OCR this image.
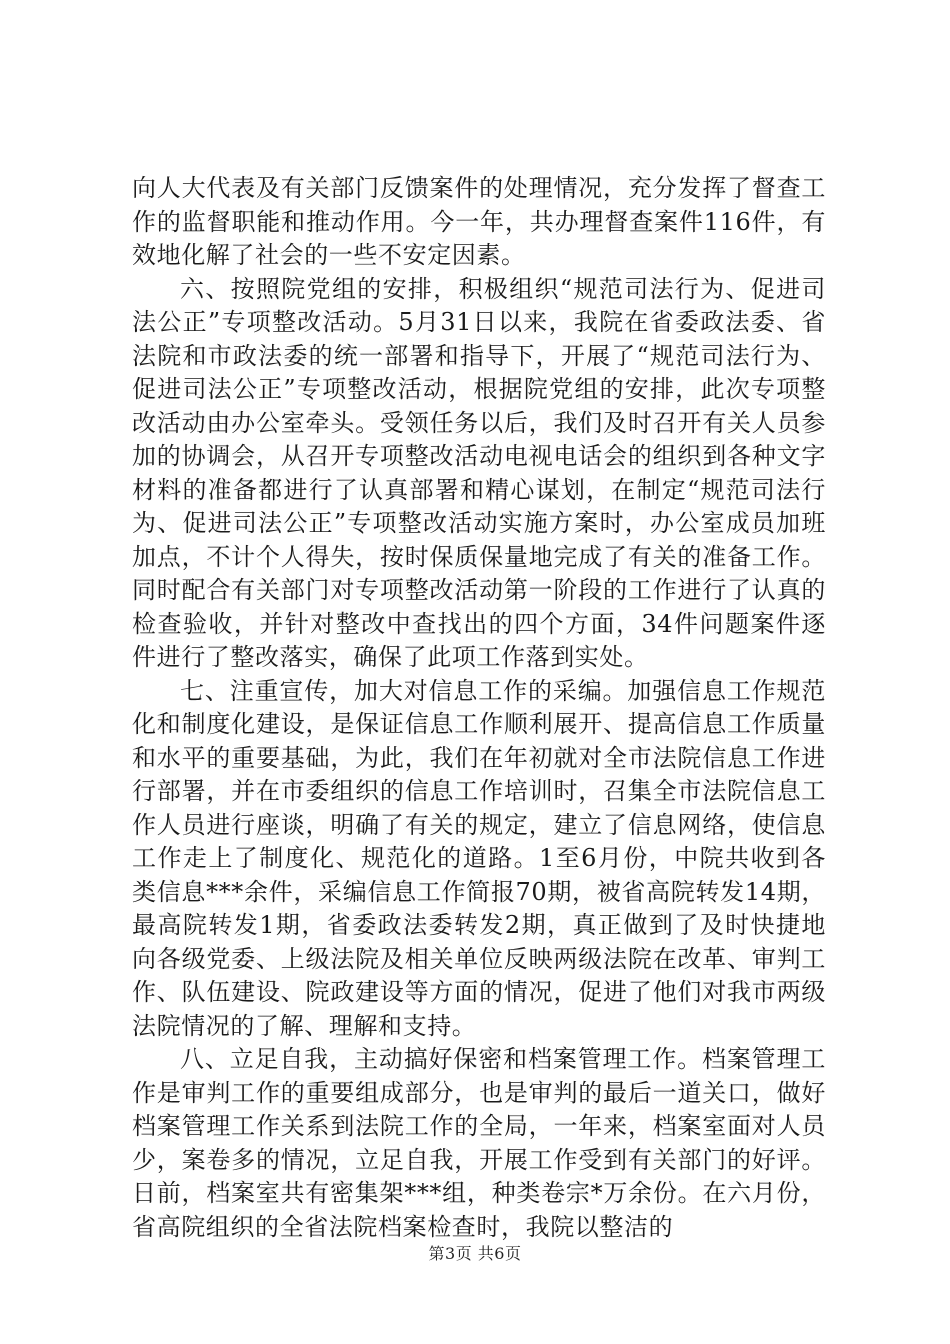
向人大代表及有关部门反馈案件的处理情况，充分发挥了督查工作的监督职能和推动作用。今一年，共办理督查案件116件，有效地化解了社会的一些不安定因素。

六、按照院党组的安排，积极组织“规范司法行为、促进司法公正”专项整改活动。5月31日以来，我院在省委政法委、省法院和市政法委的统一部署和指导下，开展了“规范司法行为、促进司法公正”专项整改活动，根据院党组的安排，此次专项整改活动由办公室牵头。受领任务以后，我们及时召开有关人员参加的协调会，从召开专项整改活动电视电话会的组织到各种文字材料的准备都进行了认真部署和精心谋划，在制定“规范司法行为、促进司法公正”专项整改活动实施方案时，办公室成员加班加点，不计个人得失，按时保质保量地完成了有关的准备工作。同时配合有关部门对专项整改活动第一阶段的工作进行了认真的检查验收，并针对整改中查找出的四个方面，34件问题案件逐件进行了整改落实，确保了此项工作落到实处。

七、注重宣传，加大对信息工作的采编。加强信息工作规范化和制度化建设，是保证信息工作顺利展开、提高信息工作质量和水平的重要基础，为此，我们在年初就对全市法院信息工作进行部署，并在市委组织的信息工作培训时，召集全市法院信息工作人员进行座谈，明确了有关的规定，建立了信息网络，使信息工作走上了制度化、规范化的道路。1至6月份，中院共收到各类信息***余件，采编信息工作简报70期，被省高院转发14期，最高院转发1期，省委政法委转发2期，真正做到了及时快捷地向各级党委、上级法院及相关单位反映两级法院在改革、审判工作、队伍建设、院政建设等方面的情况，促进了他们对我市两级法院情况的了解、理解和支持。

八、立足自我，主动搞好保密和档案管理工作。档案管理工作是审判工作的重要组成部分，也是审判的最后一道关口，做好档案管理工作关系到法院工作的全局，一年来，档案室面对人员少，案卷多的情况，立足自我，开展工作受到有关部门的好评。日前，档案室共有密集架***组，种类卷宗*万余份。在六月份，省高院组织的全省法院档案检查时，我院以整洁的

第3页 共6页
